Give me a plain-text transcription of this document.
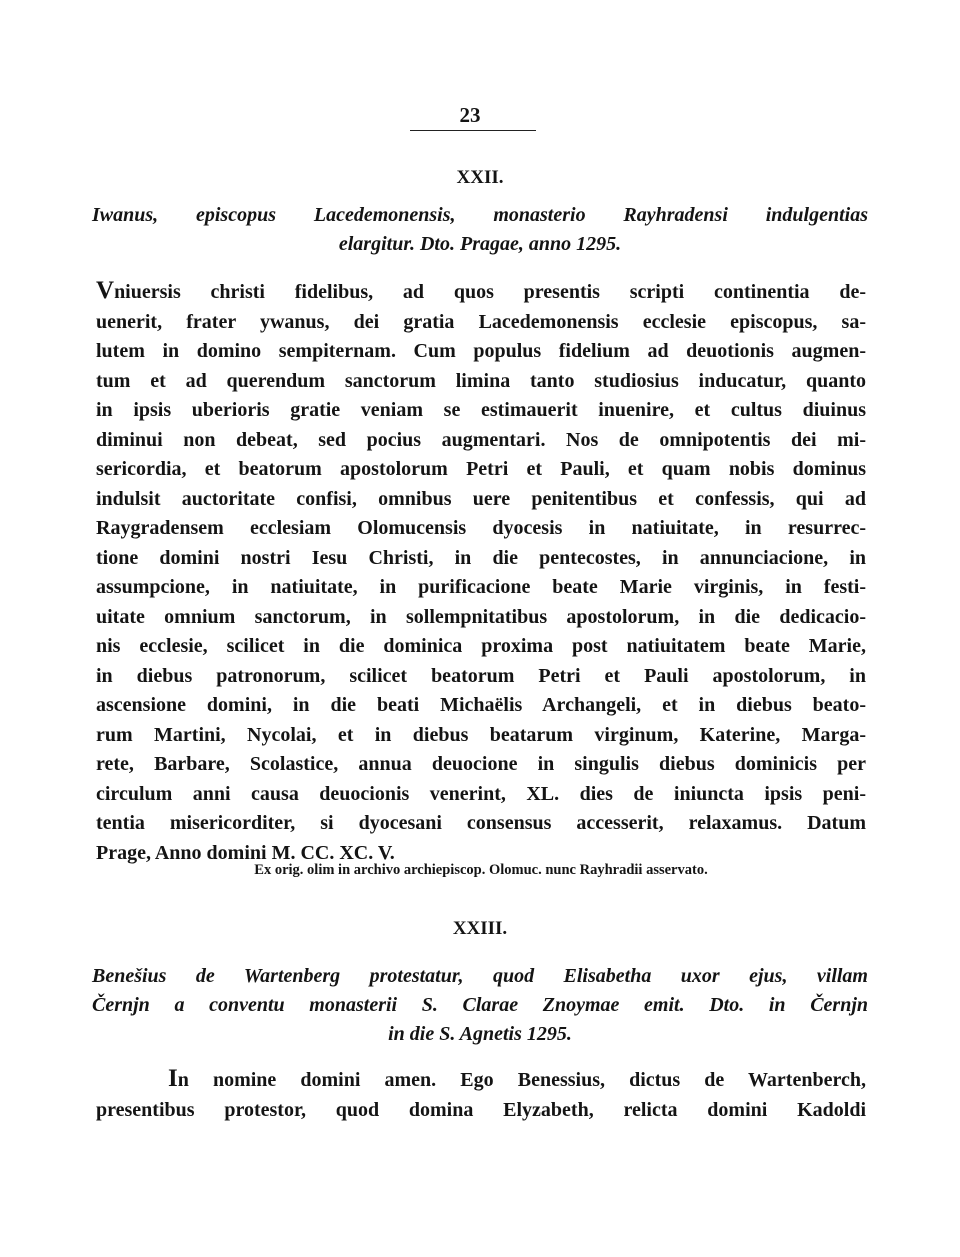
23
XXII.
Iwanus, episcopus Lacedemonensis, monasterio Rayhradensi indulgentias
elargitur. Dto. Pragae, anno 1295.
Vniuersis christi fidelibus, ad quos presentis scripti continentia de-
uenerit, frater ywanus, dei gratia Lacedemonensis ecclesie episcopus, sa-
lutem in domino sempiternam. Cum populus fidelium ad deuotionis augmen-
tum et ad querendum sanctorum limina tanto studiosius inducatur, quanto
in ipsis uberioris gratie veniam se estimauerit inuenire, et cultus diuinus
diminui non debeat, sed pocius augmentari. Nos de omnipotentis dei mi-
sericordia, et beatorum apostolorum Petri et Pauli, et quam nobis dominus
indulsit auctoritate confisi, omnibus uere penitentibus et confessis, qui ad
Raygradensem ecclesiam Olomucensis dyocesis in natiuitate, in resurrec-
tione domini nostri Iesu Christi, in die pentecostes, in annunciacione, in
assumpcione, in natiuitate, in purificacione beate Marie virginis, in festi-
uitate omnium sanctorum, in sollempnitatibus apostolorum, in die dedicacio-
nis ecclesie, scilicet in die dominica proxima post natiuitatem beate Marie,
in diebus patronorum, scilicet beatorum Petri et Pauli apostolorum, in
ascensione domini, in die beati Michaëlis Archangeli, et in diebus beato-
rum Martini, Nycolai, et in diebus beatarum virginum, Katerine, Marga-
rete, Barbare, Scolastice, annua deuocione in singulis diebus dominicis per
circulum anni causa deuocionis venerint, XL. dies de iniuncta ipsis peni-
tentia misericorditer, si dyocesani consensus accesserit, relaxamus. Datum
Prage, Anno domini M. CC. XC. V.
Ex orig. olim in archivo archiepiscop. Olomuc. nunc Rayhradii asservato.
XXIII.
Benešius de Wartenberg protestatur, quod Elisabetha uxor ejus, villam
Černjn a conventu monasterii S. Clarae Znoymae emit. Dto. in Černjn
in die S. Agnetis 1295.
In nomine domini amen. Ego Benessius, dictus de Wartenberch,
presentibus protestor, quod domina Elyzabeth, relicta domini Kadoldi
